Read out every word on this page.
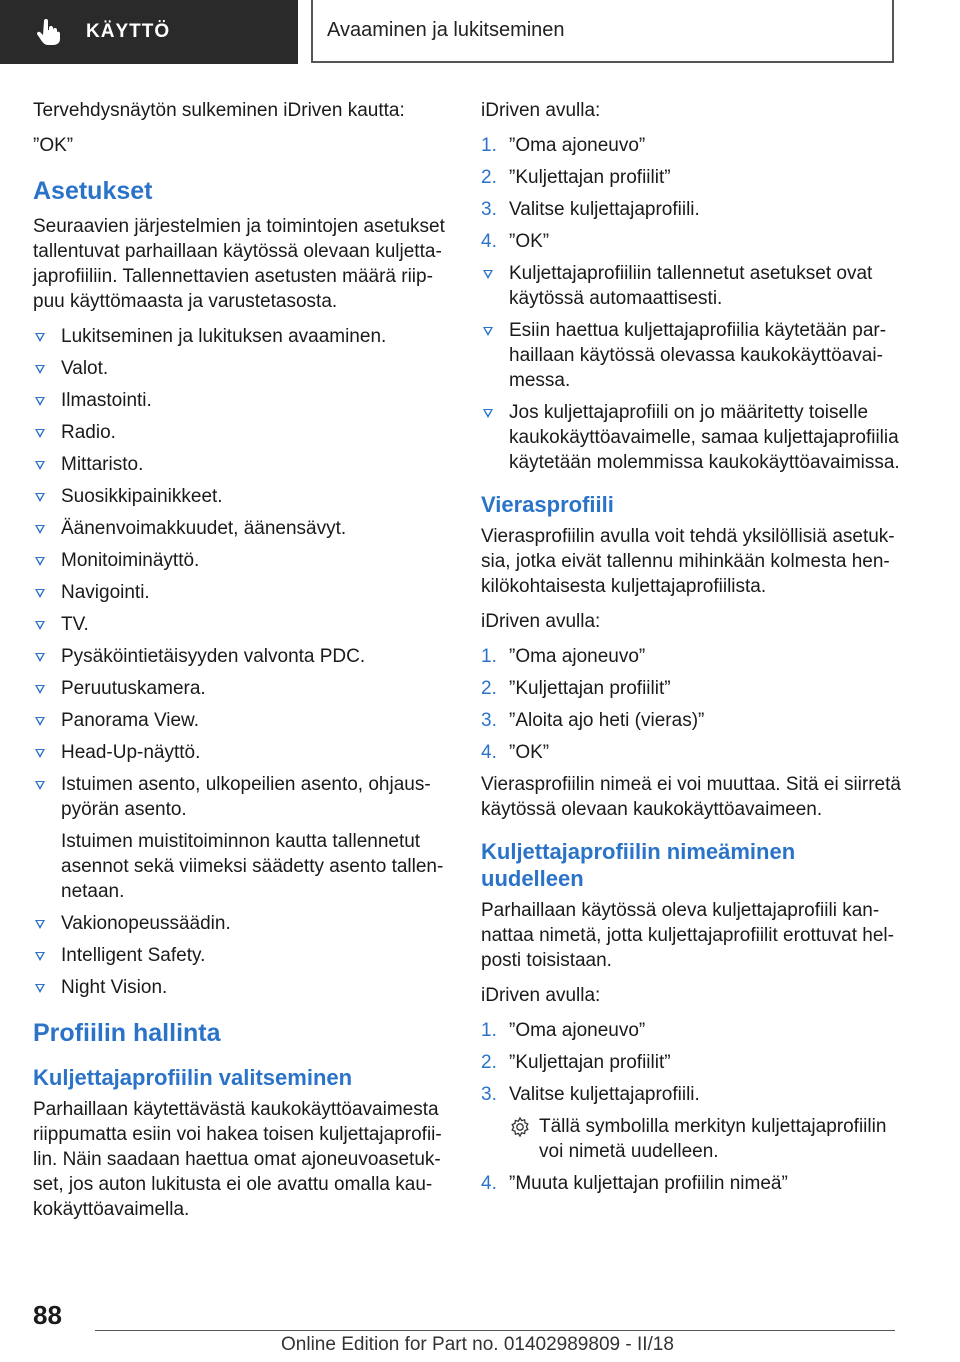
KÄYTTÖ	Avaaminen ja lukitseminen

Tervehdysnäytön sulkeminen iDriven kautta:

”OK”

Asetukset

Seuraavien järjestelmien ja toimintojen asetukset tallentuvat parhaillaan käytössä olevaan kuljettajaprofiiliin. Tallennettavien asetusten määrä riippuu käyttömaasta ja varustetasosta.

Lukitseminen ja lukituksen avaaminen.
Valot.
Ilmastointi.
Radio.
Mittaristo.
Suosikkipainikkeet.
Äänenvoimakkuudet, äänensävyt.
Monitoiminäyttö.
Navigointi.
TV.
Pysäköintietäisyyden valvonta PDC.
Peruutuskamera.
Panorama View.
Head-Up-näyttö.
Istuimen asento, ulkopeilien asento, ohjauspyörän asento.
Istuimen muistitoiminnon kautta tallennetut asennot sekä viimeksi säädetty asento tallennetaan.
Vakionopeussäädin.
Intelligent Safety.
Night Vision.
Profiilin hallinta
Kuljettajaprofiilin valitseminen

Parhaillaan käytettävästä kaukokäyttöavaimesta riippumatta esiin voi hakea toisen kuljettajaprofiilin. Näin saadaan haettua omat ajoneuvoasetukset, jos auton lukitusta ei ole avattu omalla kaukokäyttöavaimella.

iDriven avulla:

1. ”Oma ajoneuvo”
2. ”Kuljettajan profiilit”
3. Valitse kuljettajaprofiili.
4. ”OK”
Kuljettajaprofiiliin tallennetut asetukset ovat käytössä automaattisesti.
Esiin haettua kuljettajaprofiilia käytetään parhaillaan käytössä olevassa kaukokäyttöavaimessa.
Jos kuljettajaprofiili on jo määritetty toiselle kaukokäyttöavaimelle, samaa kuljettajaprofiilia käytetään molemmissa kaukokäyttöavaimissa.
Vierasprofiili

Vierasprofiilin avulla voit tehdä yksilöllisiä asetuksia, jotka eivät tallennu mihinkään kolmesta henkilökohtaisesta kuljettajaprofiilista.

iDriven avulla:

1. ”Oma ajoneuvo”
2. ”Kuljettajan profiilit”
3. ”Aloita ajo heti (vieras)”
4. ”OK”

Vierasprofiilin nimeä ei voi muuttaa. Sitä ei siirretä käytössä olevaan kaukokäyttöavaimeen.

Kuljettajaprofiilin nimeäminen uudelleen

Parhaillaan käytössä oleva kuljettajaprofiili kannattaa nimetä, jotta kuljettajaprofiilit erottuvat helposti toisistaan.

iDriven avulla:

1. ”Oma ajoneuvo”
2. ”Kuljettajan profiilit”
3. Valitse kuljettajaprofiili.
Tällä symbolilla merkityn kuljettajaprofiilin voi nimetä uudelleen.
4. ”Muuta kuljettajan profiilin nimeä”
88
Online Edition for Part no. 01402989809 - II/18
